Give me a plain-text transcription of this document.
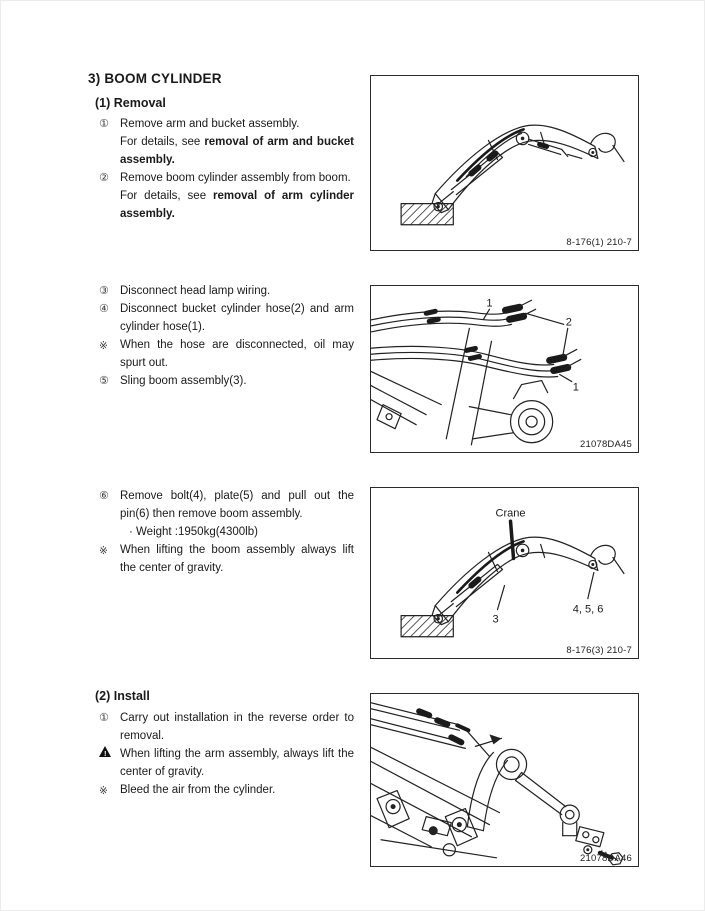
3) BOOM CYLINDER
(1) Removal
① Remove arm and bucket assembly.
For details, see removal of arm and bucket assembly.
② Remove boom cylinder assembly from boom.
For details, see removal of arm cylinder assembly.
③ Disconnect head lamp wiring.
④ Disconnect bucket cylinder hose(2) and arm cylinder hose(1).
※	When the hose are disconnected, oil may spurt out.
⑤ Sling boom assembly(3).
⑥ Remove bolt(4), plate(5) and pull out the pin(6) then remove boom assembly.
· Weight :1950kg(4300lb)
※	When lifting the boom assembly always lift the center of gravity.
(2) Install
① Carry out installation in the reverse order to removal.
!
When lifting the arm assembly, always lift the center of gravity.
※	Bleed the air from the cylinder.
8-176(1) 210-7
1
2
1
21078DA45
Crane
3
4, 5, 6
8-176(3) 210-7
21078DA46
